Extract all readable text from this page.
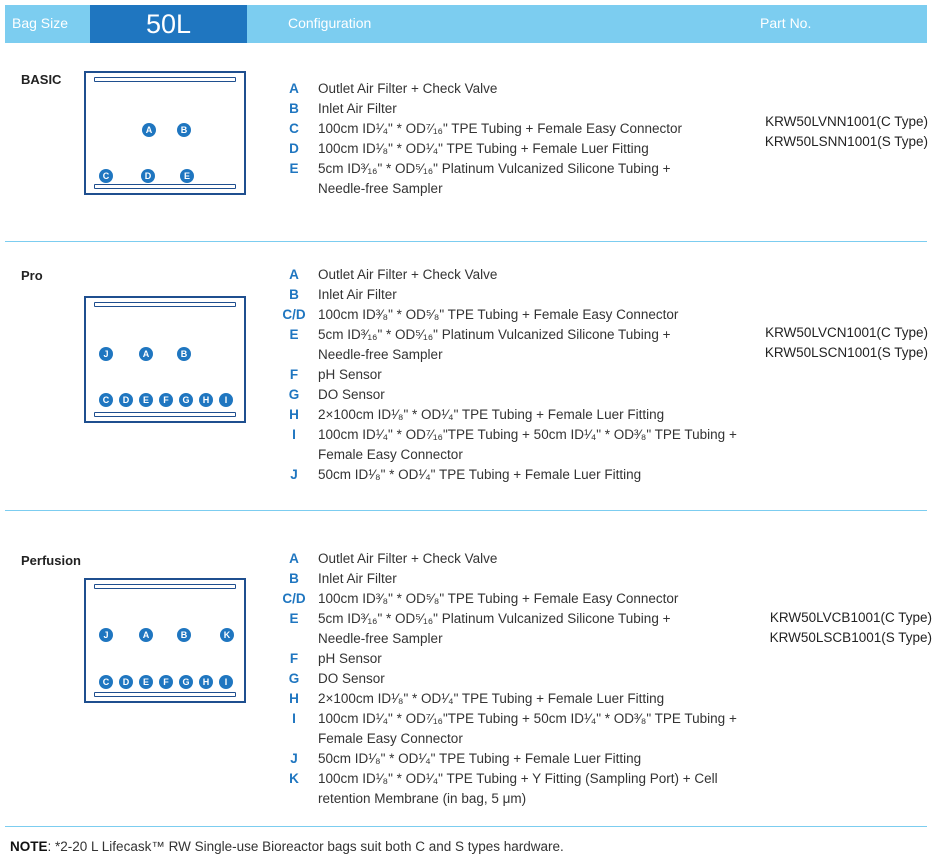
Bag Size	50L	Configuration	Part No.
BASIC
A	B
C	D	E
A	Outlet Air Filter + Check Valve
B	Inlet Air Filter
C	100cm ID¹⁄₄" * OD⁷⁄₁₆" TPE Tubing + Female Easy Connector
D	100cm ID¹⁄₈" * OD¹⁄₄" TPE Tubing + Female Luer Fitting
E	5cm ID³⁄₁₆" * OD⁵⁄₁₆" Platinum Vulcanized Silicone Tubing + Needle-free Sampler
KRW50LVNN1001(C Type)
KRW50LSNN1001(S Type)
Pro
J	A	B
C	D	E	F	G	H	I
A	Outlet Air Filter + Check Valve
B	Inlet Air Filter
C/D 100cm ID³⁄₈" * OD⁵⁄₈" TPE Tubing + Female Easy Connector
E	5cm ID³⁄₁₆" * OD⁵⁄₁₆" Platinum Vulcanized Silicone Tubing + Needle-free Sampler
F	pH Sensor
G	DO Sensor
H	2×100cm ID¹⁄₈" * OD¹⁄₄" TPE Tubing + Female Luer Fitting
I	100cm ID¹⁄₄" * OD⁷⁄₁₆"TPE Tubing + 50cm ID¹⁄₄" * OD³⁄₈" TPE Tubing + Female Easy Connector
J	50cm ID¹⁄₈" * OD¹⁄₄" TPE Tubing + Female Luer Fitting
KRW50LVCN1001(C Type)
KRW50LSCN1001(S Type)
Perfusion
J	A	B	K
C	D	E	F	G	H	I
A	Outlet Air Filter + Check Valve
B	Inlet Air Filter
C/D 100cm ID³⁄₈" * OD⁵⁄₈" TPE Tubing + Female Easy Connector
E	5cm ID³⁄₁₆" * OD⁵⁄₁₆" Platinum Vulcanized Silicone Tubing + Needle-free Sampler
F	pH Sensor
G	DO Sensor
H	2×100cm ID¹⁄₈" * OD¹⁄₄" TPE Tubing + Female Luer Fitting
I	100cm ID¹⁄₄" * OD⁷⁄₁₆"TPE Tubing + 50cm ID¹⁄₄" * OD³⁄₈" TPE Tubing + Female Easy Connector
J	50cm ID¹⁄₈" * OD¹⁄₄" TPE Tubing + Female Luer Fitting
K	100cm ID¹⁄₈" * OD¹⁄₄" TPE Tubing + Y Fitting (Sampling Port) + Cell retention Membrane (in bag, 5 μm)
KRW50LVCB1001(C Type)
KRW50LSCB1001(S Type)
NOTE: *2-20 L Lifecask™ RW Single-use Bioreactor bags suit both C and S types hardware.
